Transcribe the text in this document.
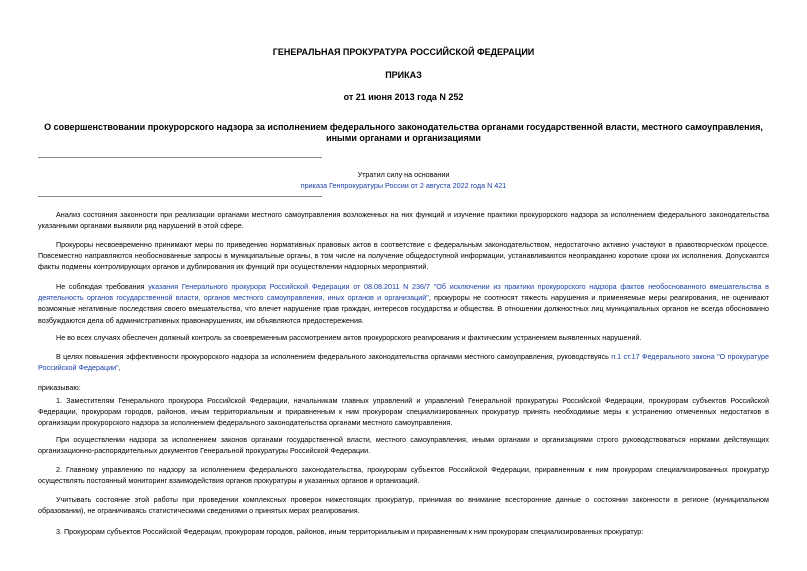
ГЕНЕРАЛЬНАЯ ПРОКУРАТУРА РОССИЙСКОЙ ФЕДЕРАЦИИ
ПРИКАЗ
от 21 июня 2013 года N 252
О совершенствовании прокурорского надзора за исполнением федерального законодательства органами государственной власти, местного самоуправления,
иными органами и организациями
Утратил силу на основании
приказа Генпрокуратуры России от 2 августа 2022 года N 421

Анализ состояния законности при реализации органами местного самоуправления возложенных на них функций и изучение практики прокурорского надзора за исполнением федерального законодательства указанными органами выявили ряд нарушений в этой сфере.

Прокуроры несвоевременно принимают меры по приведению нормативных правовых актов в соответствие с федеральным законодательством, недостаточно активно участвуют в правотворческом процессе. Повсеместно направляются необоснованные запросы в муниципальные органы, в том числе на получение общедоступной информации, устанавливаются неоправданно короткие сроки их исполнения. Допускаются факты подмены контролирующих органов и дублирования их функций при осуществлении надзорных мероприятий.

Не соблюдая требования указания Генерального прокурора Российской Федерации от 08.08.2011 N 236/7 "Об исключении из практики прокурорского надзора фактов необоснованного вмешательства в деятельность органов государственной власти, органов местного самоуправления, иных органов и организаций", прокуроры не соотносят тяжесть нарушения и применяемые меры реагирования, не оценивают возможные негативные последствия своего вмешательства, что влечет нарушение прав граждан, интересов государства и общества. В отношении должностных лиц муниципальных органов не всегда обоснованно возбуждаются дела об административных правонарушениях, им объявляются предостережения.

Не во всех случаях обеспечен должный контроль за своевременным рассмотрением актов прокурорского реагирования и фактическим устранением выявленных нарушений.

В целях повышения эффективности прокурорского надзора за исполнением федерального законодательства органами местного самоуправления, руководствуясь п.1 ст.17 Федерального закона "О прокуратуре Российской Федерации",

приказываю:

1. Заместителям Генерального прокурора Российской Федерации, начальникам главных управлений и управлений Генеральной прокуратуры Российской Федерации, прокурорам субъектов Российской Федерации, прокурорам городов, районов, иным территориальным и приравненным к ним прокурорам специализированных прокуратур принять необходимые меры к устранению отмеченных недостатков в организации прокурорского надзора за исполнением федерального законодательства органами местного самоуправления.

При осуществлении надзора за исполнением законов органами государственной власти, местного самоуправления, иными органами и организациями строго руководствоваться нормами действующих организационно-распорядительных документов Генеральной прокуратуры Российской Федерации.

2. Главному управлению по надзору за исполнением федерального законодательства, прокурорам субъектов Российской Федерации, приравненным к ним прокурорам специализированных прокуратур осуществлять постоянный мониторинг взаимодействия органов прокуратуры и указанных органов и организаций.

Учитывать состояние этой работы при проведении комплексных проверок нижестоящих прокуратур, принимая во внимание всесторонние данные о состоянии законности в регионе (муниципальном образовании), не ограничиваясь статистическими сведениями о принятых мерах реагирования.

3. Прокурорам субъектов Российской Федерации, прокурорам городов, районов, иным территориальным и приравненным к ним прокурорам специализированных прокуратур:
